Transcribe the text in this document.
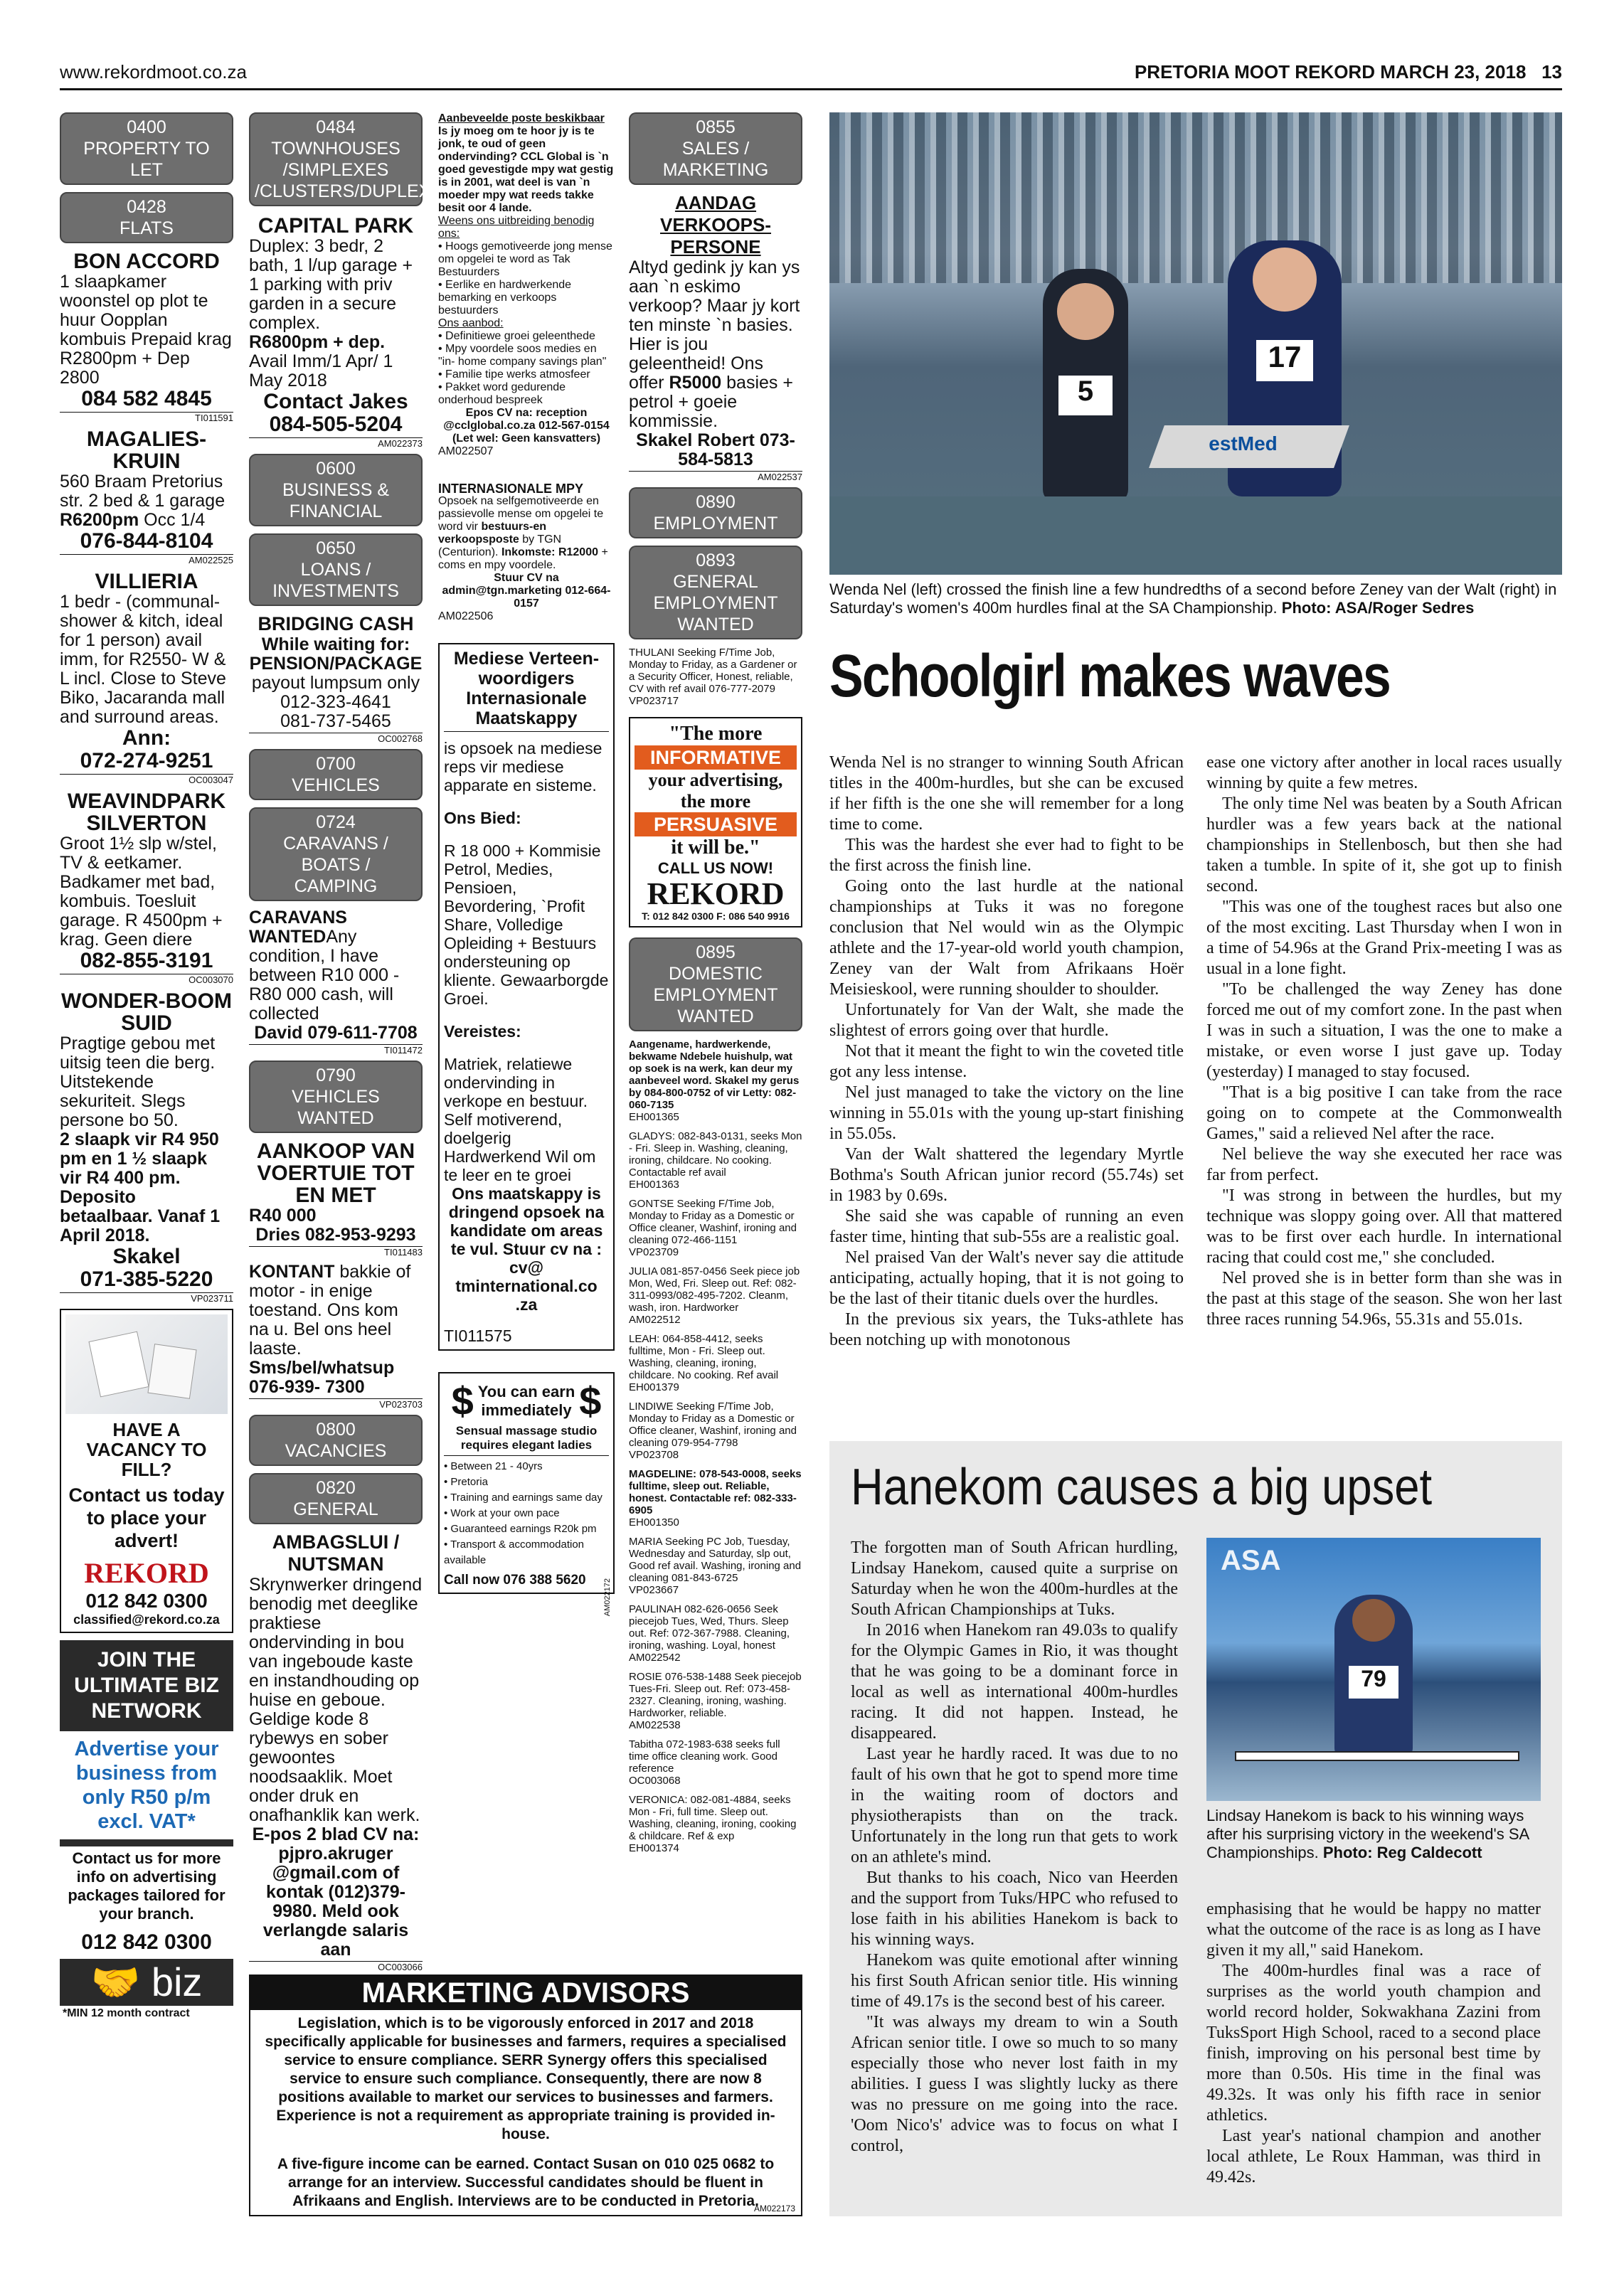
www.rekordmoot.co.za	PRETORIA MOOT REKORD MARCH 23, 2018 13
0400
PROPERTY TO LET
0428
FLATS
BON ACCORD

1 slaapkamer woonstel op plot te huur Oopplan kombuis Prepaid krag R2800pm + Dep 2800

084 582 4845
TI011591
MAGALIES-KRUIN

560 Braam Pretorius str. 2 bed & 1 garage R6200pm Occ 1/4

076-844-8104
AM022525
VILLIERIA

1 bedr - (communal-shower & kitch, ideal for 1 person) avail imm, for R2550- W & L incl. Close to Steve Biko, Jacaranda mall and surround areas.

Ann:
072-274-9251
OC003047
WEAVINDPARK SILVERTON

Groot 1½ slp w/stel, TV & eetkamer. Badkamer met bad, kombuis. Toesluit garage. R 4500pm + krag. Geen diere

082-855-3191
OC003070
WONDER-BOOM SUID

Pragtige gebou met uitsig teen die berg. Uitstekende sekuriteit. Slegs persone bo 50.

2 slaapk vir R4 950 pm en 1 ½ slaapk vir R4 400 pm. Deposito betaalbaar. Vanaf 1 April 2018.

Skakel
071-385-5220
VP023711
HAVE A VACANCY TO FILL?
Contact us today to place your advert!
REKORD
012 842 0300
classified@rekord.co.za
JOIN THE ULTIMATE BIZ NETWORK
Advertise your business from only R50 p/m excl. VAT*
Contact us for more info on advertising packages tailored for your branch.
012 842 0300
🤝 biz
*MIN 12 month contract
0484
TOWNHOUSES
/SIMPLEXES
/CLUSTERS/DUPLEXES
CAPITAL PARK

Duplex: 3 bedr, 2 bath, 1 l/up garage + 1 parking with priv garden in a secure complex.

R6800pm + dep.

Avail Imm/1 Apr/ 1 May 2018

Contact Jakes
084-505-5204
AM022373
0600
BUSINESS &
FINANCIAL
0650
LOANS / INVESTMENTS
BRIDGING CASH

While waiting for: PENSION/PACKAGE

payout lumpsum only

012-323-4641

081-737-5465

OC002768
0700
VEHICLES
0724
CARAVANS / BOATS /
CAMPING

CARAVANS WANTEDAny condition, I have between R10 000 - R80 000 cash, will collected

David 079-611-7708

TI011472
0790
VEHICLES WANTED
AANKOOP VAN VOERTUIE TOT EN MET

R40 000

Dries 082-953-9293

TI011483

KONTANT bakkie of motor - in enige toestand. Ons kom na u. Bel ons heel laaste.

Sms/bel/whatsup 076-939- 7300

VP023703
0800
VACANCIES
0820
GENERAL
AMBAGSLUI / NUTSMAN

Skrynwerker dringend benodig met deeglike praktiese ondervinding in bou van ingeboude kaste en instandhouding op huise en geboue. Geldige kode 8 rybewys en sober gewoontes noodsaaklik. Moet onder druk en onafhanklik kan werk.

E-pos 2 blad CV na: pjpro.akruger @gmail.com of kontak (012)379-9980. Meld ook verlangde salaris aan

OC003066

Aanbeveelde poste beskikbaar

Is jy moeg om te hoor jy is te jonk, te oud of geen ondervinding? CCL Global is `n goed gevestigde mpy wat gestig is in 2001, wat deel is van `n moeder mpy wat reeds takke besit oor 4 lande.

Weens ons uitbreiding benodig ons:

• Hoogs gemotiveerde jong mense om opgelei te word as Tak Bestuurders

• Eerlike en hardwerkende bemarking en verkoops bestuurders

Ons aanbod:

• Definitiewe groei geleenthede

• Mpy voordele soos medies en "in- home company savings plan"

• Familie tipe werks atmosfeer

• Pakket word gedurende onderhoud bespreek

Epos CV na: reception @cclglobal.co.za 012-567-0154 (Let wel: Geen kansvatters)

AM022507

INTERNASIONALE MPY

Opsoek na selfgemotiveerde en passievolle mense om opgelei te word vir bestuurs-en verkoopsposte by TGN (Centurion). Inkomste: R12000 + coms en mpy voordele.

Stuur CV na admin@tgn.marketing 012-664-0157

AM022506

Mediese Verteen-woordigers Internasionale Maatskappy

is opsoek na mediese reps vir mediese apparate en sisteme.

Ons Bied:

R 18 000 + Kommisie Petrol, Medies, Pensioen, Bevordering, `Profit Share, Volledige Opleiding + Bestuurs ondersteuning op kliente. Gewaarborgde Groei.

Vereistes:

Matriek, relatiewe ondervinding in verkope en bestuur. Self motiverend, doelgerig Hardwerkend Wil om te leer en te groei

Ons maatskappy is dringend opsoek na kandidate om areas te vul. Stuur cv na : cv@ tminternational.co .za

TI011575
$ You can earn
immediately $

Sensual massage studio requires elegant ladies

• Between 21 - 40yrs

• Pretoria

• Training and earnings same day

• Work at your own pace

• Guaranteed earnings R20k pm

• Transport & accommodation available

Call now 076 388 5620	AM022172
0855
SALES / MARKETING
AANDAG VERKOOPS-PERSONE

Altyd gedink jy kan ys aan `n eskimo verkoop? Maar jy kort ten minste `n basies. Hier is jou geleentheid! Ons offer R5000 basies + petrol + goeie kommissie.

Skakel Robert 073-584-5813

AM022537
0890
EMPLOYMENT
0893
GENERAL
EMPLOYMENT
WANTED

THULANI Seeking F/Time Job, Monday to Friday, as a Gardener or a Security Officer, Honest, reliable, CV with ref avail 076-777-2079

VP023717
"The more
INFORMATIVE
your advertising, the more
PERSUASIVE
it will be."
CALL US NOW!
REKORD
T: 012 842 0300 F: 086 540 9916
0895
DOMESTIC
EMPLOYMENT
WANTED

Aangename, hardwerkende, bekwame Ndebele huishulp, wat op soek is na werk, kan deur my aanbeveel word. Skakel my gerus by 084-800-0752 of vir Letty: 082-060-7135

EH001365

GLADYS: 082-843-0131, seeks Mon - Fri. Sleep in. Washing, cleaning, ironing, childcare. No cooking. Contactable ref avail

EH001363

GONTSE Seeking F/Time Job, Monday to Friday as a Domestic or Office cleaner, Washinf, ironing and cleaning 072-466-1151

VP023709

JULIA 081-857-0456 Seek piece job Mon, Wed, Fri. Sleep out. Ref: 082-311-0993/082-495-7202. Cleanm, wash, iron. Hardworker

AM022512

LEAH: 064-858-4412, seeks fulltime, Mon - Fri. Sleep out. Washing, cleaning, ironing, childcare. No cooking. Ref avail

EH001379

LINDIWE Seeking F/Time Job, Monday to Friday as a Domestic or Office cleaner, Washinf, ironing and cleaning 079-954-7798

VP023708

MAGDELINE: 078-543-0008, seeks fulltime, sleep out. Reliable, honest. Contactable ref: 082-333-6905

EH001350

MARIA Seeking PC Job, Tuesday, Wednesday and Saturday, slp out, Good ref avail. Washing, ironing and cleaning 081-843-6725

VP023667

PAULINAH 082-626-0656 Seek piecejob Tues, Wed, Thurs. Sleep out. Ref: 072-367-7988. Cleaning, ironing, washing. Loyal, honest

AM022542

ROSIE 076-538-1488 Seek piecejob Tues-Fri. Sleep out. Ref: 073-458-2327. Cleaning, ironing, washing. Hardworker, reliable.

AM022538

Tabitha 072-1983-638 seeks full time office cleaning work. Good reference

OC003068

VERONICA: 082-081-4884, seeks Mon - Fri, full time. Sleep out. Washing, cleaning, ironing, cooking & childcare. Ref & exp

EH001374
MARKETING ADVISORS

Legislation, which is to be vigorously enforced in 2017 and 2018 specifically applicable for businesses and farmers, requires a specialised service to ensure compliance. SERR Synergy offers this specialised service to ensure such compliance. Consequently, there are now 8 positions available to market our services to businesses and farmers. Experience is not a requirement as appropriate training is provided in-house.

A five-figure income can be earned. Contact Susan on 010 025 0682 to arrange for an interview. Successful candidates should be fluent in Afrikaans and English. Interviews are to be conducted in Pretoria.

AM022173
5
17
estMed

Wenda Nel (left) crossed the finish line a few hundredths of a second before Zeney van der Walt (right) in Saturday's women's 400m hurdles final at the SA Championship. Photo: ASA/Roger Sedres

Schoolgirl makes waves

Wenda Nel is no stranger to winning South African titles in the 400m-hurdles, but she can be excused if her fifth is the one she will remember for a long time to come.

This was the hardest she ever had to fight to be the first across the finish line.

Going onto the last hurdle at the national championships at Tuks it was no foregone conclusion that Nel would win as the Olympic athlete and the 17-year-old world youth champion, Zeney van der Walt from Afrikaans Hoër Meisieskool, were running shoulder to shoulder.

Unfortunately for Van der Walt, she made the slightest of errors going over that hurdle.

Not that it meant the fight to win the coveted title got any less intense.

Nel just managed to take the victory on the line winning in 55.01s with the young up-start finishing in 55.05s.

Van der Walt shattered the legendary Myrtle Bothma's South African junior record (55.74s) set in 1983 by 0.69s.

She said she was capable of running an even faster time, hinting that sub-55s are a realistic goal.

Nel praised Van der Walt's never say die attitude anticipating, actually hoping, that it is not going to be the last of their titanic duels over the hurdles.

In the previous six years, the Tuks-athlete has been notching up with monotonous

ease one victory after another in local races usually winning by quite a few metres.

The only time Nel was beaten by a South African hurdler was a few years back at the national championships in Stellenbosch, but then she had taken a tumble. In spite of it, she got up to finish second.

"This was one of the toughest races but also one of the most exciting. Last Thursday when I won in a time of 54.96s at the Grand Prix-meeting I was as usual in a lone fight.

"To be challenged the way Zeney has done forced me out of my comfort zone. In the past when I was in such a situation, I was the one to make a mistake, or even worse I just gave up. Today (yesterday) I managed to stay focused.

"That is a big positive I can take from the race going on to compete at the Commonwealth Games," said a relieved Nel after the race.

Nel believe the way she executed her race was far from perfect.

"I was strong in between the hurdles, but my technique was sloppy going over. All that mattered was to be first over each hurdle. In international racing that could cost me," she concluded.

Nel proved she is in better form than she was in the past at this stage of the season. She won her last three races running 54.96s, 55.31s and 55.01s.

Hanekom causes a big upset

The forgotten man of South African hurdling, Lindsay Hanekom, caused quite a surprise on Saturday when he won the 400m-hurdles at the South African Championships at Tuks.

In 2016 when Hanekom ran 49.03s to qualify for the Olympic Games in Rio, it was thought that he was going to be a dominant force in local as well as international 400m-hurdles racing. It did not happen. Instead, he disappeared.

Last year he hardly raced. It was due to no fault of his own that he got to spend more time in the waiting room of doctors and physiotherapists than on the track. Unfortunately in the long run that gets to work on an athlete's mind.

But thanks to his coach, Nico van Heerden and the support from Tuks/HPC who refused to lose faith in his abilities Hanekom is back to his winning ways.

Hanekom was quite emotional after winning his first South African senior title. His winning time of 49.17s is the second best of his career.

"It was always my dream to win a South African senior title. I owe so much to so many especially those who never lost faith in my abilities. I guess I was slightly lucky as there was no pressure on me going into the race. 'Oom Nico's' advice was to focus on what I control,

ASA
79

Lindsay Hanekom is back to his winning ways after his surprising victory in the weekend's SA Championships. Photo: Reg Caldecott

emphasising that he would be happy no matter what the outcome of the race is as long as I have given it my all," said Hanekom.

The 400m-hurdles final was a race of surprises as the world youth champion and world record holder, Sokwakhana Zazini from TuksSport High School, raced to a second place finish, improving on his personal best time by more than 0.50s. His time in the final was 49.32s. It was only his fifth race in senior athletics.

Last year's national champion and another local athlete, Le Roux Hamman, was third in 49.42s.
